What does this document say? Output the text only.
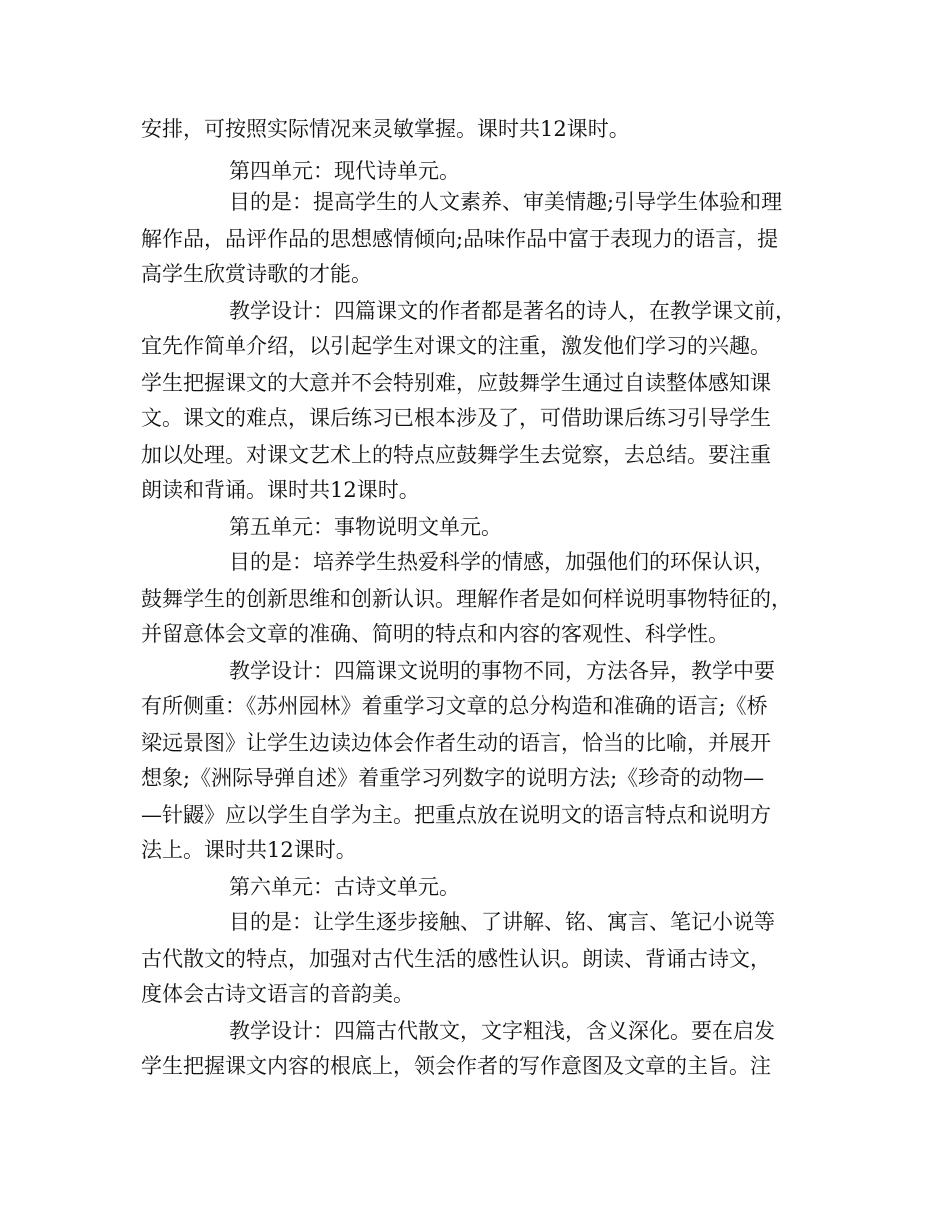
安排，可按照实际情况来灵敏掌握。课时共12课时。

第四单元：现代诗单元。

目的是：提高学生的人文素养、审美情趣;引导学生体验和理

解作品，品评作品的思想感情倾向;品味作品中富于表现力的语言，提

高学生欣赏诗歌的才能。

教学设计：四篇课文的作者都是著名的诗人，在教学课文前，

宜先作简单介绍，以引起学生对课文的注重，激发他们学习的兴趣。

学生把握课文的大意并不会特别难，应鼓舞学生通过自读整体感知课

文。课文的难点，课后练习已根本涉及了，可借助课后练习引导学生

加以处理。对课文艺术上的特点应鼓舞学生去觉察，去总结。要注重

朗读和背诵。课时共12课时。

第五单元：事物说明文单元。

目的是：培养学生热爱科学的情感，加强他们的环保认识，

鼓舞学生的创新思维和创新认识。理解作者是如何样说明事物特征的，

并留意体会文章的准确、简明的特点和内容的客观性、科学性。

教学设计：四篇课文说明的事物不同，方法各异，教学中要

有所侧重：《苏州园林》着重学习文章的总分构造和准确的语言;《桥

梁远景图》让学生边读边体会作者生动的语言，恰当的比喻，并展开

想象;《洲际导弹自述》着重学习列数字的说明方法;《珍奇的动物—

—针鼹》应以学生自学为主。把重点放在说明文的语言特点和说明方

法上。课时共12课时。

第六单元：古诗文单元。

目的是：让学生逐步接触、了讲解、铭、寓言、笔记小说等

古代散文的特点，加强对古代生活的感性认识。朗读、背诵古诗文，

度体会古诗文语言的音韵美。

教学设计：四篇古代散文，文字粗浅，含义深化。要在启发

学生把握课文内容的根底上，领会作者的写作意图及文章的主旨。注
